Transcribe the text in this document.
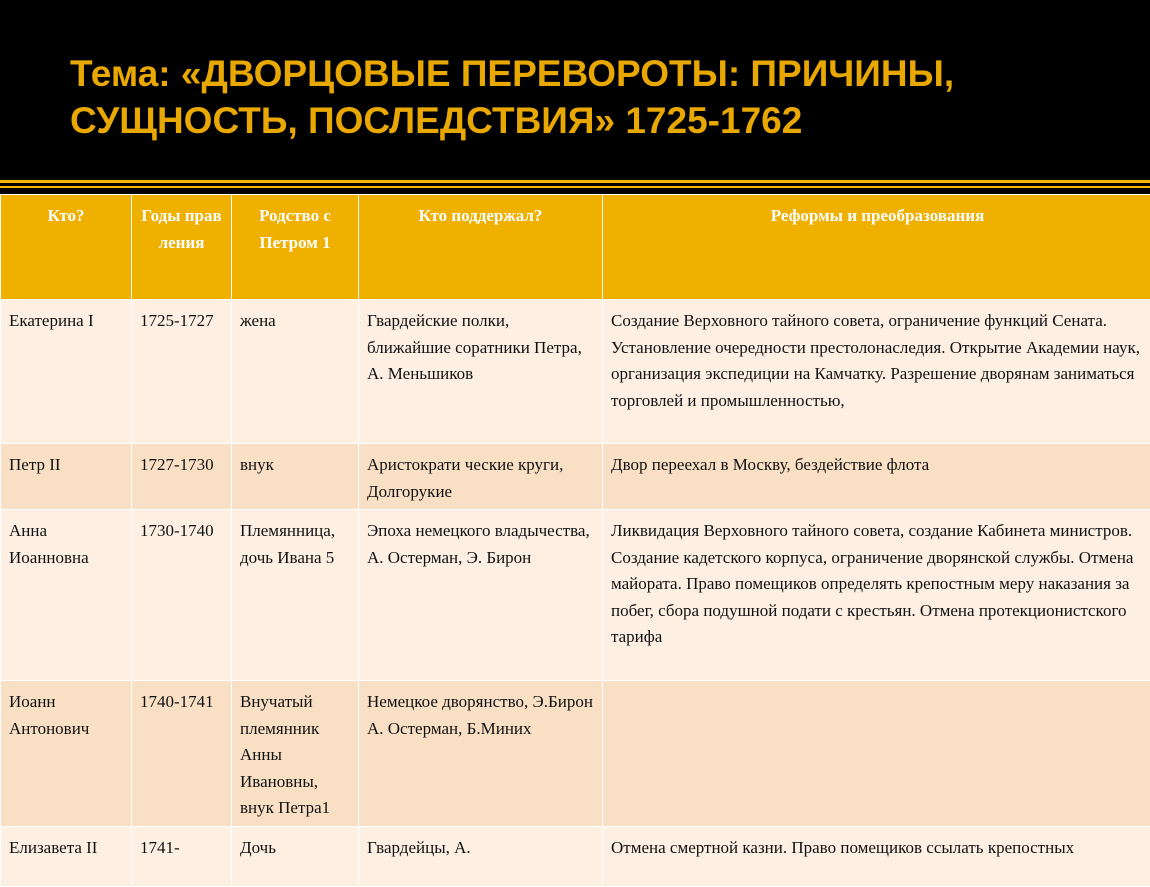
Тема: «ДВОРЦОВЫЕ ПЕРЕВОРОТЫ: ПРИЧИНЫ,
СУЩНОСТЬ, ПОСЛЕДСТВИЯ» 1725-1762
Кто?	Годы правления	Родство с Петром 1	Кто поддержал?	Реформы и преобразования
Екатерина I	1725-1727	жена	Гвардейские полки, ближайшие соратники Петра, А. Меньшиков	Создание Верховного тайного совета, ограничение функций Сената. Установление очередности престолонаследия. Открытие Академии наук, организация экспедиции на Камчатку. Разрешение дворянам заниматься торговлей и промышленностью,
Петр II	1727-1730	внук	Аристократи ческие круги, Долгорукие	Двор переехал в Москву, бездействие флота
Анна Иоанновна	1730-1740	Племянница, дочь Ивана 5	Эпоха немецкого владычества, А. Остерман, Э. Бирон	Ликвидация Верховного тайного совета, создание Кабинета министров. Создание кадетского корпуса, ограничение дворянской службы. Отмена майората. Право помещиков определять крепостным меру наказания за побег, сбора подушной подати с крестьян. Отмена протекционистского тарифа
Иоанн Антонович	1740-1741	Внучатый племянник Анны Ивановны, внук Петра1	Немецкое дворянство, Э.Бирон А. Остерман, Б.Миних	
Елизавета II	1741-	Дочь	Гвардейцы, А.	Отмена смертной казни. Право помещиков ссылать крепостных
